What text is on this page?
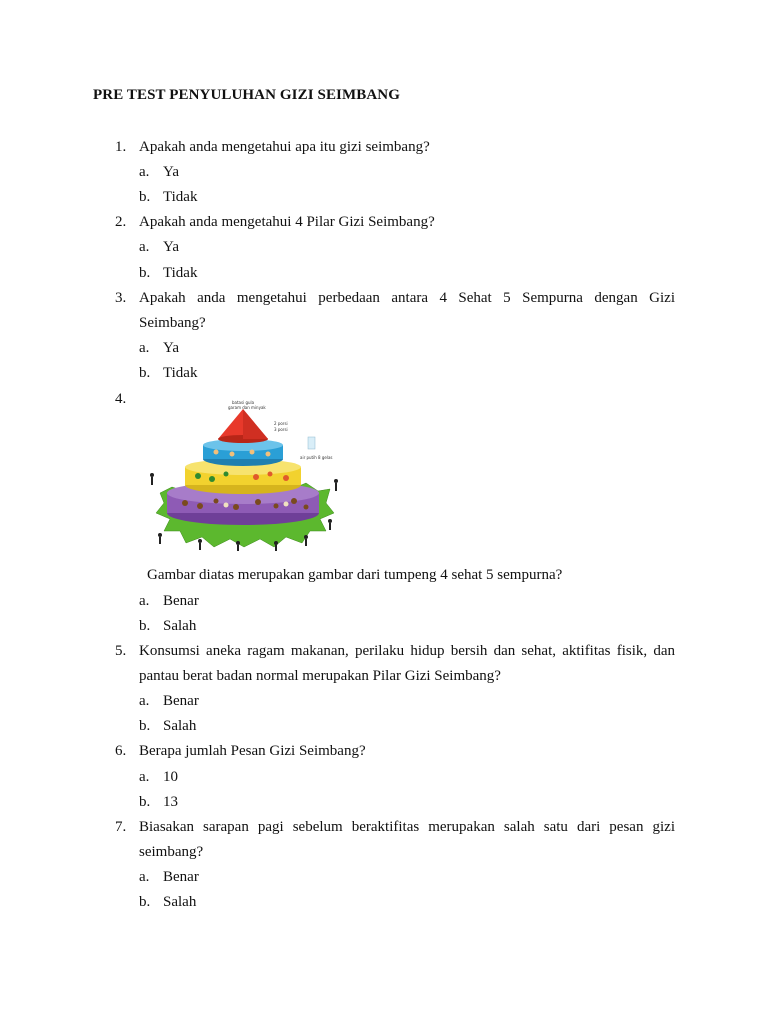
PRE TEST PENYULUHAN GIZI SEIMBANG
1. Apakah anda mengetahui apa itu gizi seimbang?
a. Ya
b. Tidak
2. Apakah anda mengetahui 4 Pilar Gizi Seimbang?
a. Ya
b. Tidak
3. Apakah anda mengetahui perbedaan antara 4 Sehat 5 Sempurna dengan Gizi
Seimbang?
a. Ya
b. Tidak
4.	batasi gula
garam dan minyak
2 porsi
3 porsi
air putih 8 gelas
Gambar diatas merupakan gambar dari tumpeng 4 sehat 5 sempurna?
a. Benar
b. Salah
5. Konsumsi aneka ragam makanan, perilaku hidup bersih dan sehat, aktifitas fisik, dan
pantau berat badan normal merupakan Pilar Gizi Seimbang?
a. Benar
b. Salah
6. Berapa jumlah Pesan Gizi Seimbang?
a. 10
b. 13
7. Biasakan sarapan pagi sebelum beraktifitas merupakan salah satu dari pesan gizi
seimbang?
a. Benar
b. Salah
